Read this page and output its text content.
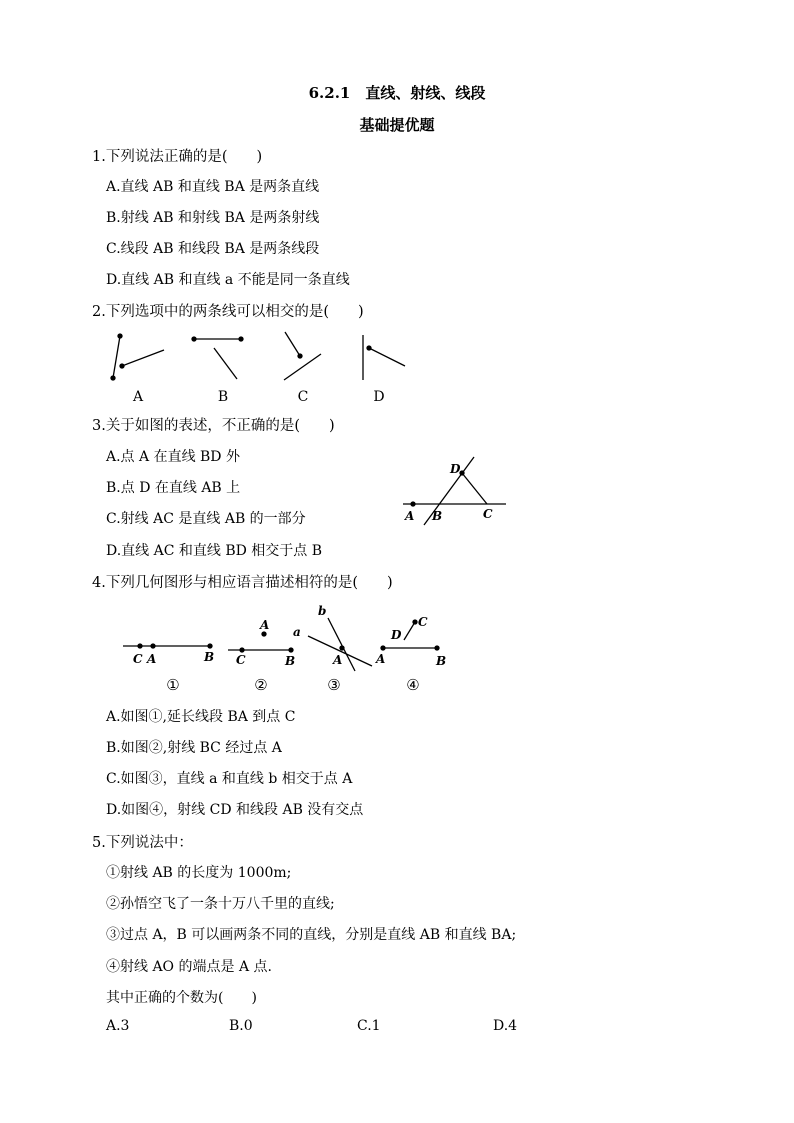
6.2.1　直线、射线、线段
基础提优题
1.下列说法正确的是(　　)
A.直线 AB 和直线 BA 是两条直线
B.射线 AB 和射线 BA 是两条射线
C.线段 AB 和线段 BA 是两条线段
D.直线 AB 和直线 a 不能是同一条直线
2.下列选项中的两条线可以相交的是(　　)
A	B	C	D
3.关于如图的表述，不正确的是(　　)
A.点 A 在直线 BD 外
B.点 D 在直线 AB 上
C.射线 AC 是直线 AB 的一部分
D.直线 AC 和直线 BD 相交于点 B
D
A B	C
4.下列几何图形与相应语言描述相符的是(　　)
C A	B
A
C	B
b
a
A
C
D
A	B
①	②	③	④
A.如图①,延长线段 BA 到点 C
B.如图②,射线 BC 经过点 A
C.如图③，直线 a 和直线 b 相交于点 A
D.如图④，射线 CD 和线段 AB 没有交点
5.下列说法中：
①射线 AB 的长度为 1000m;
②孙悟空飞了一条十万八千里的直线;
③过点 A，B 可以画两条不同的直线，分别是直线 AB 和直线 BA;
④射线 AO 的端点是 A 点.
其中正确的个数为(　　)
A.3	B.0	C.1	D.4
